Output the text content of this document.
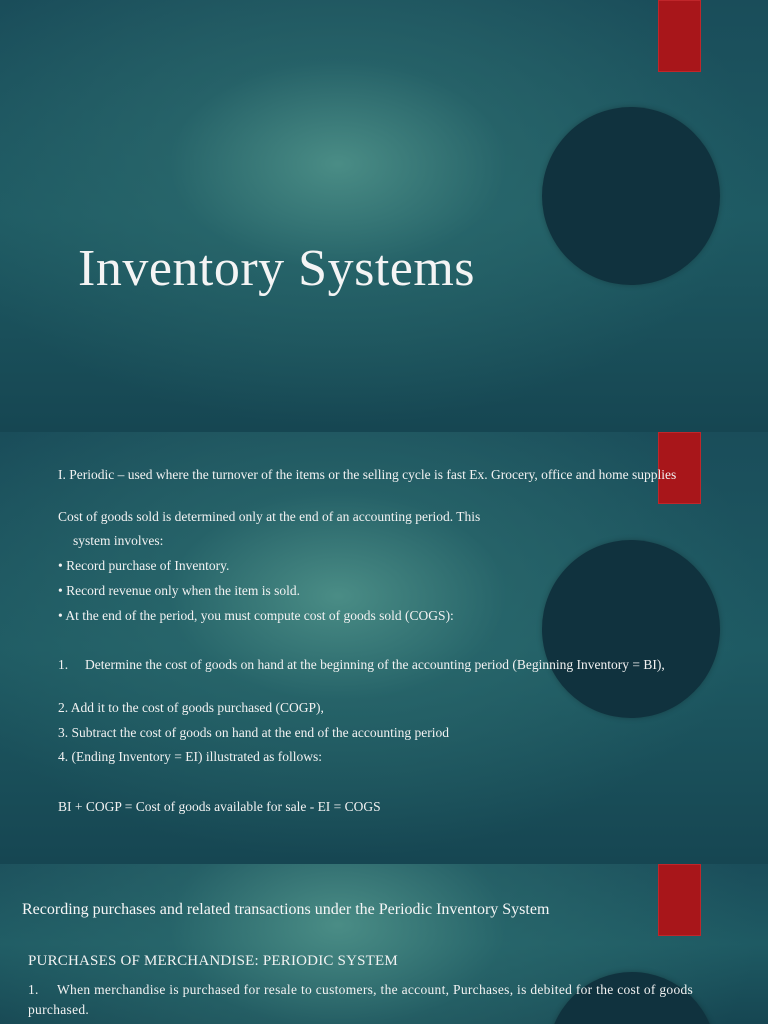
Inventory Systems

I. Periodic – used where the turnover of the items or the selling cycle is fast Ex. Grocery, office and home supplies

Cost of goods sold is determined only at the end of an accounting period. This

system involves:

• Record purchase of Inventory.

• Record revenue only when the item is sold.

• At the end of the period, you must compute cost of goods sold (COGS):

1.     Determine the cost of goods on hand at the beginning of the accounting period (Beginning Inventory = BI),

2. Add it to the cost of goods purchased (COGP),

3. Subtract the cost of goods on hand at the end of the accounting period

4. (Ending Inventory = EI) illustrated as follows:

BI + COGP = Cost of goods available for sale - EI = COGS

Recording purchases and related transactions under the Periodic Inventory System
PURCHASES OF MERCHANDISE: PERIODIC SYSTEM
1. When merchandise is purchased for resale to customers, the account, Purchases, is debited for the cost of goods purchased.
